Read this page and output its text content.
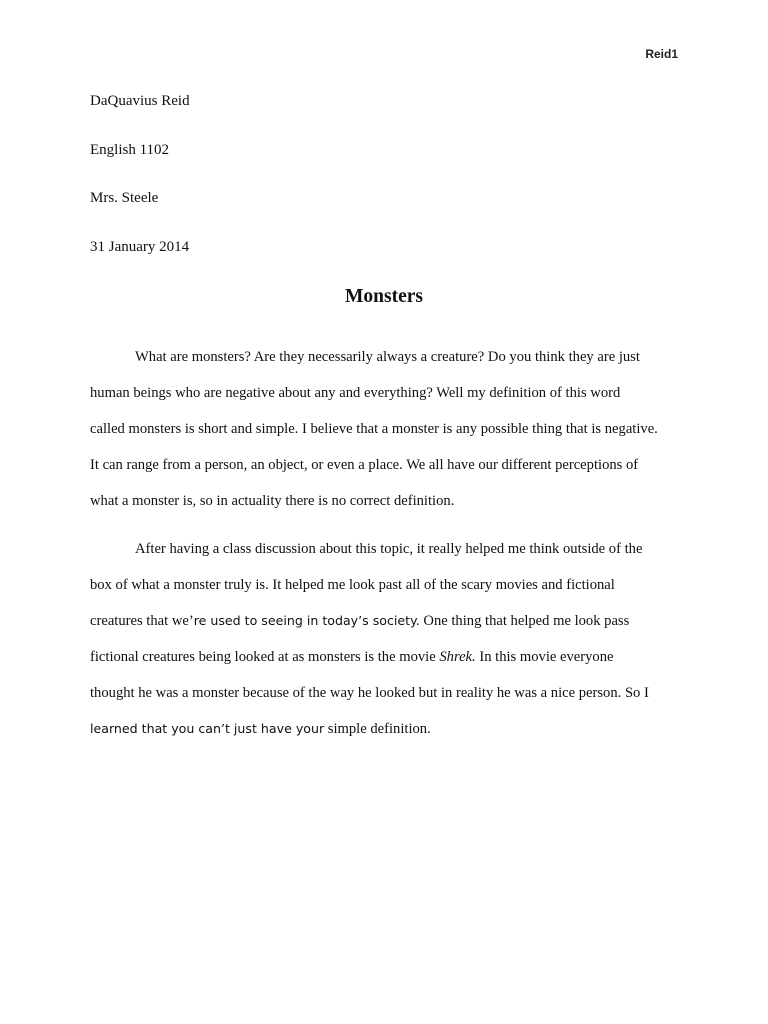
Reid1
DaQuavius Reid
English 1102
Mrs. Steele
31 January 2014
Monsters
What are monsters? Are they necessarily always a creature? Do you think they are just
human beings who are negative about any and everything? Well my definition of this word
called monsters is short and simple. I believe that a monster is any possible thing that is negative.
It can range from a person, an object, or even a place. We all have our different perceptions of
what a monster is, so in actuality there is no correct definition.
After having a class discussion about this topic, it really helped me think outside of the
box of what a monster truly is. It helped me look past all of the scary movies and fictional
creatures that we’re used to seeing in today’s society. One thing that helped me look pass
fictional creatures being looked at as monsters is the movie Shrek. In this movie everyone
thought he was a monster because of the way he looked but in reality he was a nice person. So I
learned that you can’t just have your simple definition.
